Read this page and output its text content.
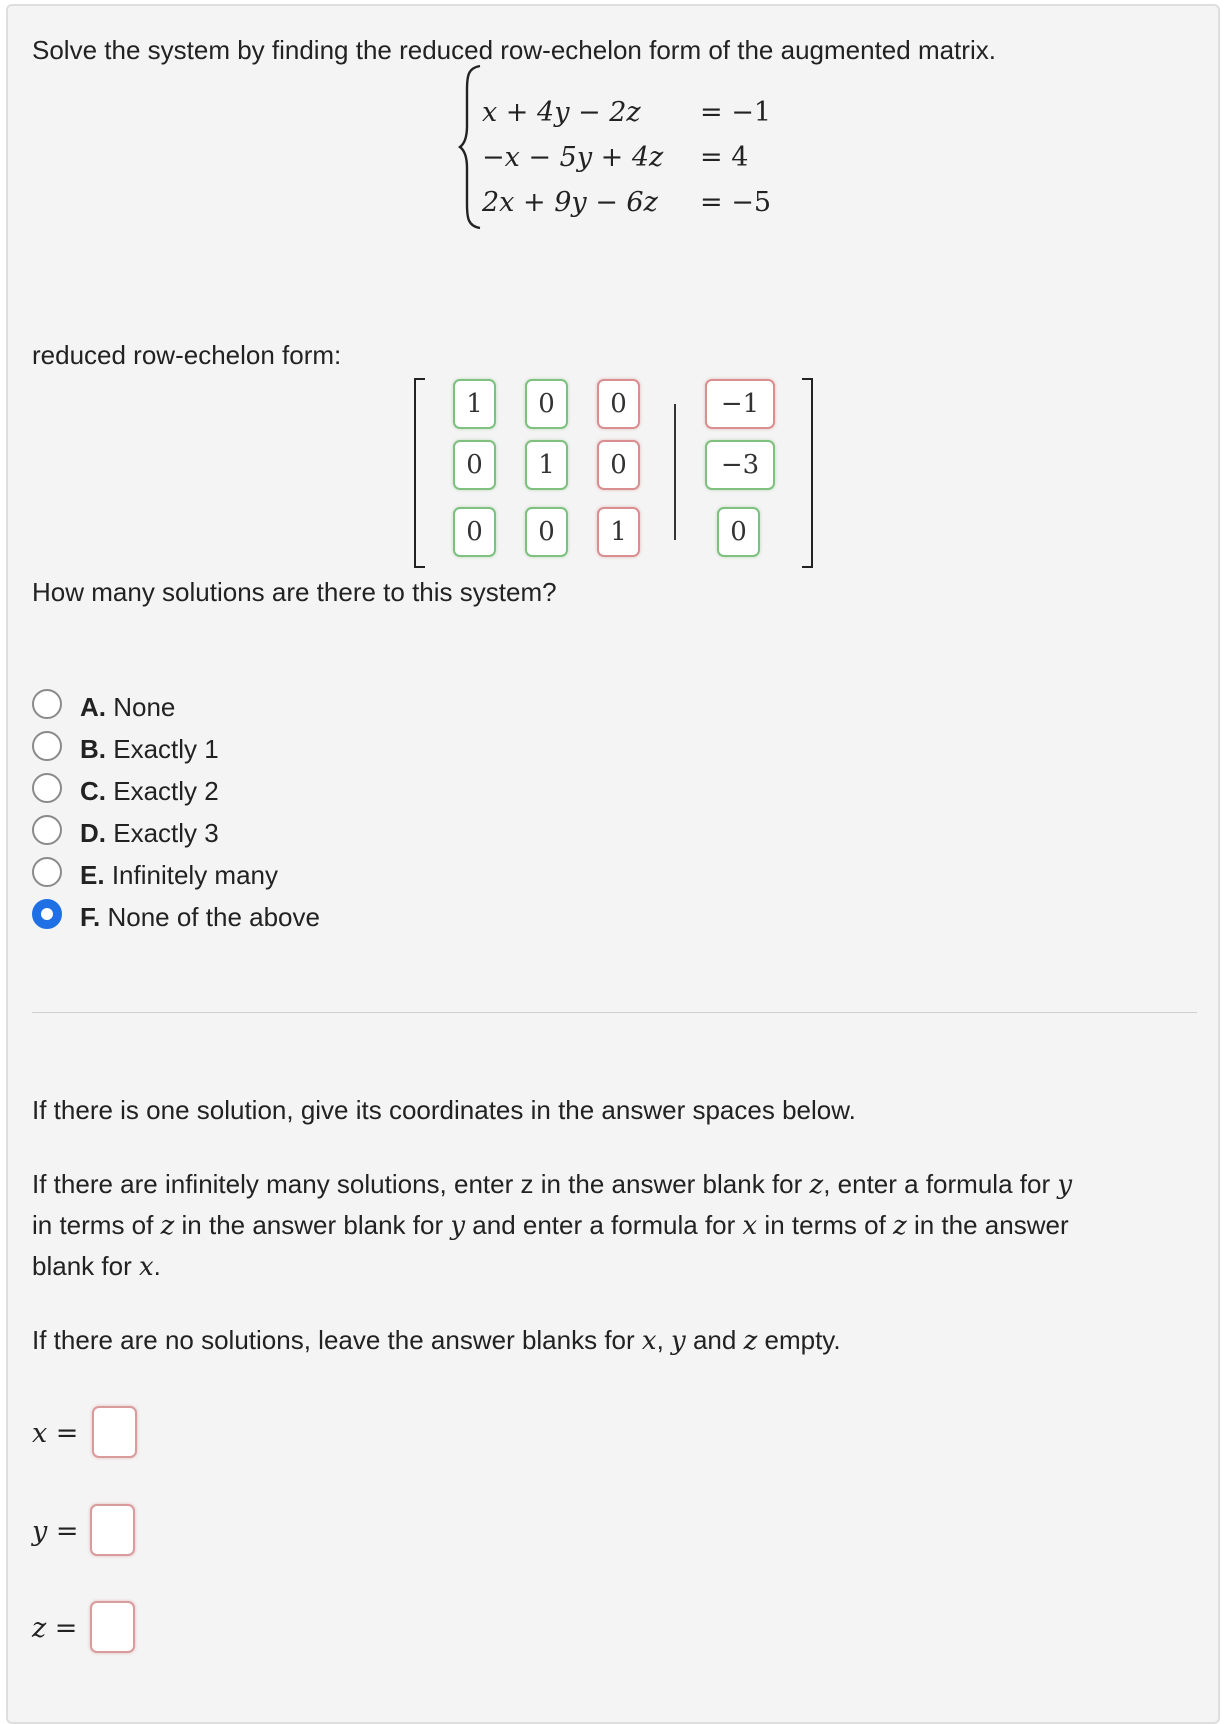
Solve the system by finding the reduced row-echelon form of the augmented matrix.
x + 4y − 2z = −1
−x − 5y + 4z = 4
2x + 9y − 6z = −5
reduced row-echelon form:
1	0	0	−1
0	1	0	−3
0	0	1	0
How many solutions are there to this system?
A. None
B. Exactly 1
C. Exactly 2
D. Exactly 3
E. Infinitely many
F. None of the above
If there is one solution, give its coordinates in the answer spaces below.
If there are infinitely many solutions, enter z in the answer blank for z, enter a formula for y
in terms of z in the answer blank for y and enter a formula for x in terms of z in the answer
blank for x.
If there are no solutions, leave the answer blanks for x, y and z empty.
x =
y =
z =
